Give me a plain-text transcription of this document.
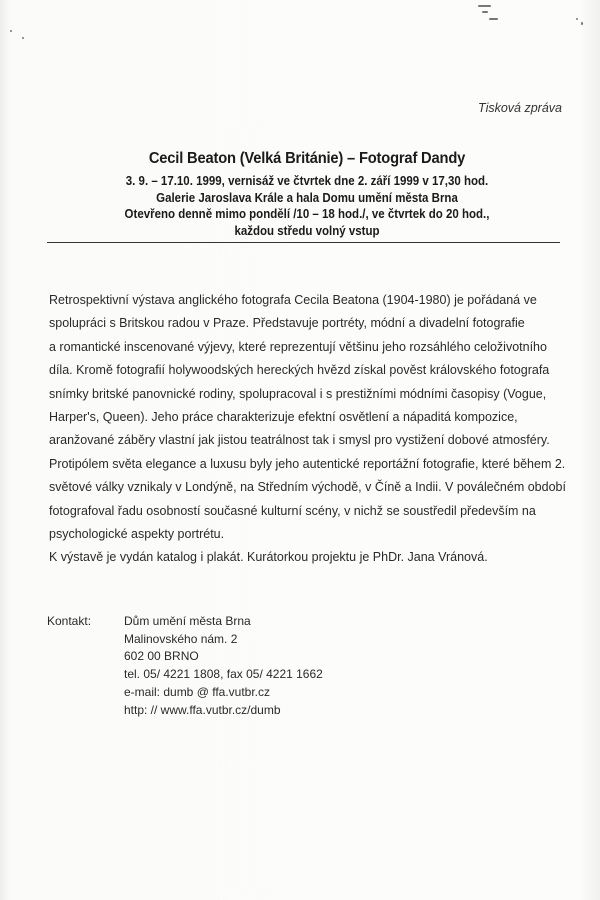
Tisková zpráva
Cecil Beaton (Velká Británie) – Fotograf Dandy
3. 9. – 17.10. 1999, vernisáž ve čtvrtek dne 2. září 1999 v 17,30 hod.
Galerie Jaroslava Krále a hala Domu umění města Brna
Otevřeno denně mimo pondělí /10 – 18 hod./, ve čtvrtek do 20 hod.,
každou středu volný vstup
Retrospektivní výstava anglického fotografa Cecila Beatona (1904-1980) je pořádaná ve
spolupráci s Britskou radou v Praze. Představuje portréty, módní a divadelní fotografie
a romantické inscenované výjevy, které reprezentují většinu jeho rozsáhlého celoživotního
díla. Kromě fotografií holywoodských hereckých hvězd získal pověst královského fotografa
snímky britské panovnické rodiny, spolupracoval i s prestižními módními časopisy (Vogue,
Harper's, Queen). Jeho práce charakterizuje efektní osvětlení a nápaditá kompozice,
aranžované záběry vlastní jak jistou teatrálnost tak i smysl pro vystižení dobové atmosféry.
Protipólem světa elegance a luxusu byly jeho autentické reportážní fotografie, které během 2.
světové války vznikaly v Londýně, na Středním východě, v Číně a Indii. V poválečném období
fotografoval řadu osobností současné kulturní scény, v nichž se soustředil především na
psychologické aspekty portrétu.
K výstavě je vydán katalog i plakát. Kurátorkou projektu je PhDr. Jana Vránová.
Kontakt:	Dům umění města Brna
Malinovského nám. 2
602 00 BRNO
tel. 05/ 4221 1808, fax 05/ 4221 1662
e-mail: dumb @ ffa.vutbr.cz
http: // www.ffa.vutbr.cz/dumb
